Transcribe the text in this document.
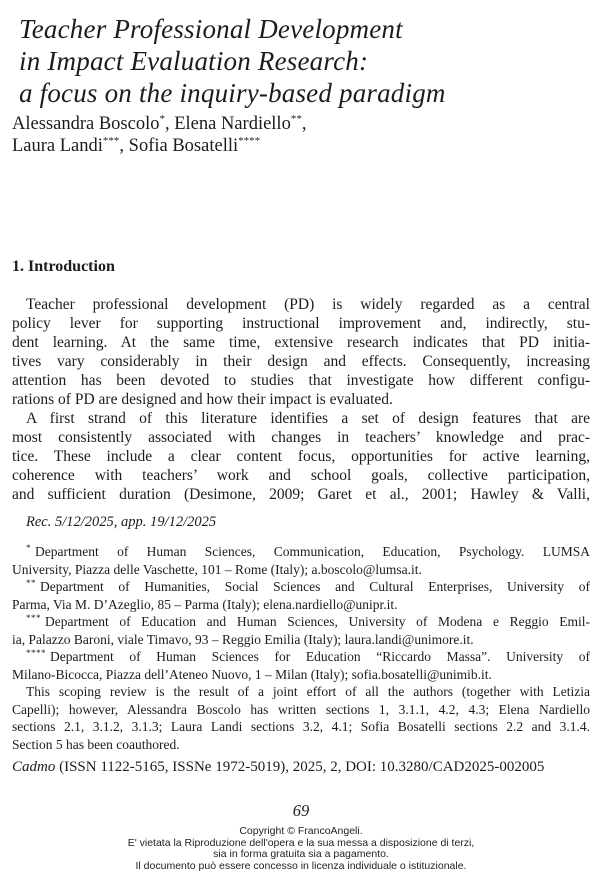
Teacher Professional Development
in Impact Evaluation Research:
a focus on the inquiry-based paradigm
Alessandra Boscolo*, Elena Nardiello**,
Laura Landi***, Sofia Bosatelli****
1. Introduction

Teacher professional development (PD) is widely regarded as a central
policy lever for supporting instructional improvement and, indirectly, stu-
dent learning. At the same time, extensive research indicates that PD initia-
tives vary considerably in their design and effects. Consequently, increasing
attention has been devoted to studies that investigate how different configu-
rations of PD are designed and how their impact is evaluated.

A first strand of this literature identifies a set of design features that are
most consistently associated with changes in teachers’ knowledge and prac-
tice. These include a clear content focus, opportunities for active learning,
coherence with teachers’ work and school goals, collective participation,
and sufficient duration (Desimone, 2009; Garet et al., 2001; Hawley & Valli,

Rec. 5/12/2025, app. 19/12/2025

* Department of Human Sciences, Communication, Education, Psychology. LUMSA
University, Piazza delle Vaschette, 101 – Rome (Italy); a.boscolo@lumsa.it.
** Department of Humanities, Social Sciences and Cultural Enterprises, University of
Parma, Via M. D’Azeglio, 85 – Parma (Italy); elena.nardiello@unipr.it.
*** Department of Education and Human Sciences, University of Modena e Reggio Emil-
ia, Palazzo Baroni, viale Timavo, 93 – Reggio Emilia (Italy); laura.landi@unimore.it.
**** Department of Human Sciences for Education “Riccardo Massa”. University of
Milano-Bicocca, Piazza dell’Ateneo Nuovo, 1 – Milan (Italy); sofia.bosatelli@unimib.it.
This scoping review is the result of a joint effort of all the authors (together with Letizia
Capelli); however, Alessandra Boscolo has written sections 1, 3.1.1, 4.2, 4.3; Elena Nardiello
sections 2.1, 3.1.2, 3.1.3; Laura Landi sections 3.2, 4.1; Sofia Bosatelli sections 2.2 and 3.1.4.
Section 5 has been coauthored.

Cadmo (ISSN 1122-5165, ISSNe 1972-5019), 2025, 2, DOI: 10.3280/CAD2025-002005

69
Copyright © FrancoAngeli.
E' vietata la Riproduzione dell'opera e la sua messa a disposizione di terzi,
sia in forma gratuita sia a pagamento.
Il documento può essere concesso in licenza individuale o istituzionale.
